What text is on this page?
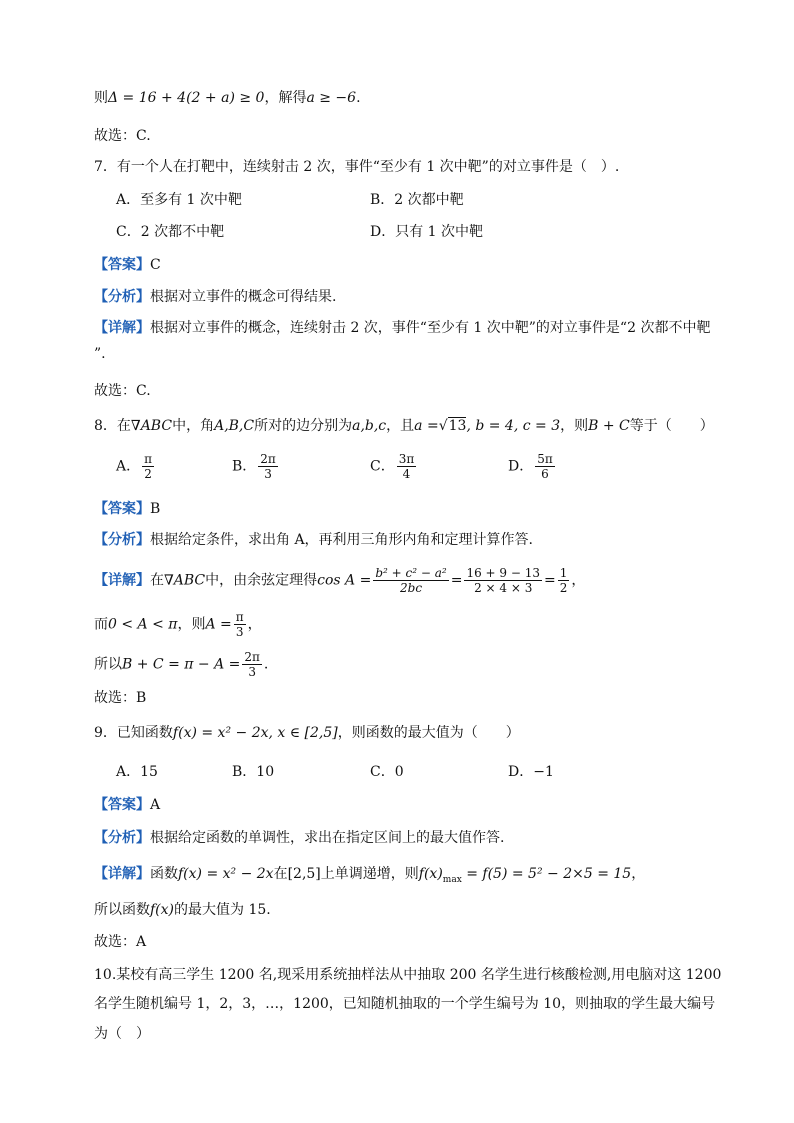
则Δ = 16 + 4(2 + a) ≥ 0，解得a ≥ −6.
故选：C.
7．有一个人在打靶中，连续射击 2 次，事件“至少有 1 次中靶”的对立事件是（　）.
A．至多有 1 次中靶	B．2 次都中靶
C．2 次都不中靶	D．只有 1 次中靶
【答案】C
【分析】根据对立事件的概念可得结果.
【详解】根据对立事件的概念，连续射击 2 次，事件“至少有 1 次中靶”的对立事件是“2 次都不中靶
”.
故选：C.
8．在∇ABC中，角A,B,C所对的边分别为a,b,c，且a =√13, b = 4, c = 3，则B + C等于（　　）
A． $\frac{\pi}{2}$	B． $\frac{2\pi}{3}$	C． $\frac{3\pi}{4}$	D． $\frac{5\pi}{6}$
【答案】B
【分析】根据给定条件，求出角 A，再利用三角形内角和定理计算作答.
【详解】在∇ABC中，由余弦定理得$\cos A = \frac{\text{b² + c² − a²}}{2bc} = \frac{16 + 9 - 13}{2 \times 4 \times 3} = \frac{1}{2}$ ，
而0 < A < π，则$A = \frac{\pi}{3}$ ，
所以$B + C = \pi - A = \frac{2\pi}{3}$ .
故选：B
9．已知函数f(x) = x² − 2x, x ∈ [2,5]，则函数的最大值为（　　）
A．15	B．10	C．0	D．−1
【答案】A
【分析】根据给定函数的单调性，求出在指定区间上的最大值作答.
【详解】函数f(x) = x² − 2x在[2,5]上单调递增，则$f(x)_{max} = f(5) = 5^2 - 2\times 5 = 15$，
所以函数f(x)的最大值为 15.
故选：A
10.某校有高三学生 1200 名,现采用系统抽样法从中抽取 200 名学生进行核酸检测,用电脑对这 1200
名学生随机编号 1，2，3，…，1200，已知随机抽取的一个学生编号为 10，则抽取的学生最大编号
为（　）
